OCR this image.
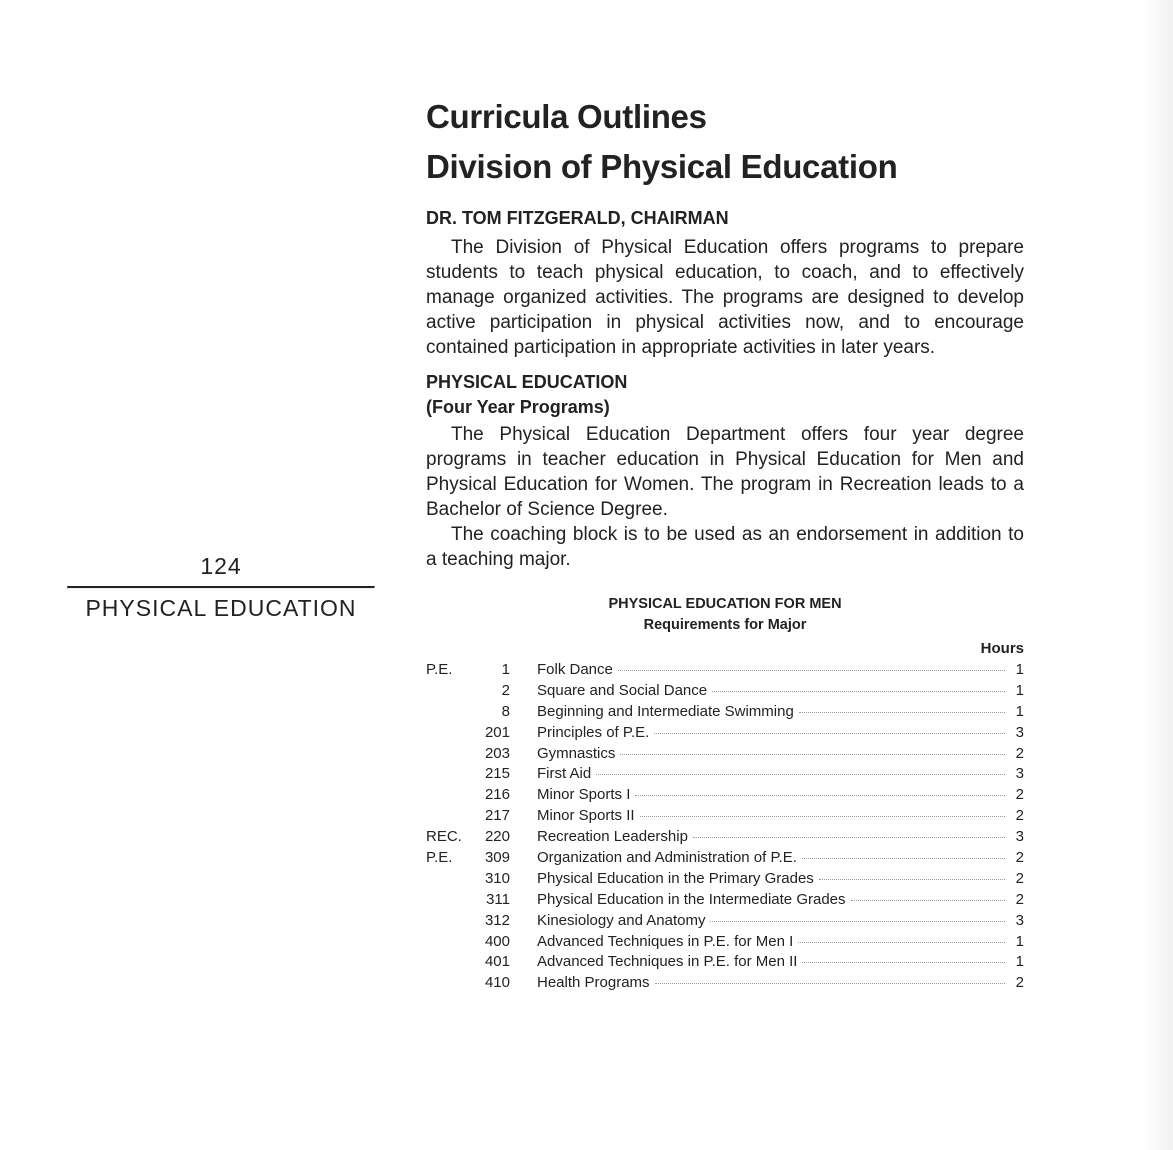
124
PHYSICAL EDUCATION
Curricula Outlines
Division of Physical Education
DR. TOM FITZGERALD, CHAIRMAN

The Division of Physical Education offers programs to prepare students to teach physical education, to coach, and to effectively manage organized activities. The programs are designed to develop active participation in physical activities now, and to encourage contained participation in appropriate activities in later years.

PHYSICAL EDUCATION
(Four Year Programs)

The Physical Education Department offers four year degree programs in teacher education in Physical Education for Men and Physical Education for Women. The program in Recreation leads to a Bachelor of Science Degree.

The coaching block is to be used as an endorsement in addition to a teaching major.

PHYSICAL EDUCATION FOR MEN
Requirements for Major
Hours
P.E.	1 Folk Dance	1
2 Square and Social Dance	1
8 Beginning and Intermediate Swimming	1
201 Principles of P.E.	3
203 Gymnastics	2
215 First Aid	3
216 Minor Sports I	2
217 Minor Sports II	2
REC.	220 Recreation Leadership	3
P.E.	309 Organization and Administration of P.E.	2
310 Physical Education in the Primary Grades	2
311 Physical Education in the Intermediate Grades	2
312 Kinesiology and Anatomy	3
400 Advanced Techniques in P.E. for Men I	1
401 Advanced Techniques in P.E. for Men II	1
410 Health Programs	2
